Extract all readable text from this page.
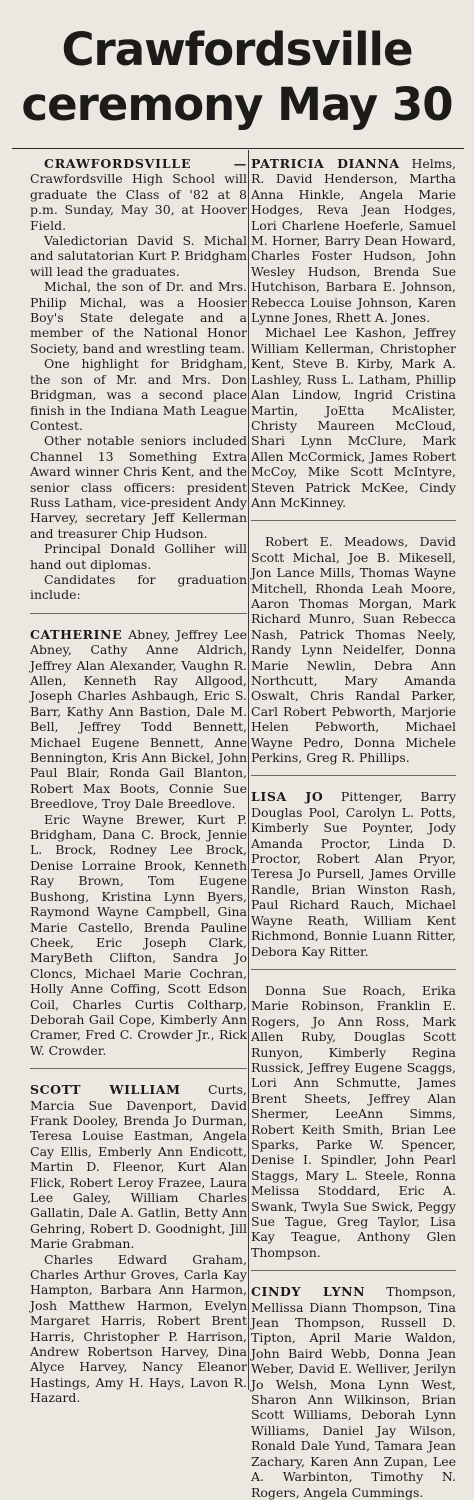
Crawfordsville
ceremony May 30

CRAWFORDSVILLE — Crawfordsville High School will graduate the Class of '82 at 8 p.m. Sunday, May 30, at Hoover Field.

Valedictorian David S. Michal and salutatorian Kurt P. Bridgham will lead the graduates.

Michal, the son of Dr. and Mrs. Philip Michal, was a Hoosier Boy's State delegate and a member of the National Honor Society, band and wrestling team.

One highlight for Bridgham, the son of Mr. and Mrs. Don Bridgman, was a second place finish in the Indiana Math League Contest.

Other notable seniors included Channel 13 Something Extra Award winner Chris Kent, and the senior class officers: president Russ Latham, vice-president Andy Harvey, secretary Jeff Kellerman and treasurer Chip Hudson.

Principal Donald Golliher will hand out diplomas.

Candidates for graduation include:

CATHERINE Abney, Jeffrey Lee Abney, Cathy Anne Aldrich, Jeffrey Alan Alexander, Vaughn R. Allen, Kenneth Ray Allgood, Joseph Charles Ashbaugh, Eric S. Barr, Kathy Ann Bastion, Dale M. Bell, Jeffrey Todd Bennett, Michael Eugene Bennett, Anne Bennington, Kris Ann Bickel, John Paul Blair, Ronda Gail Blanton, Robert Max Boots, Connie Sue Breedlove, Troy Dale Breedlove.

Eric Wayne Brewer, Kurt P. Bridgham, Dana C. Brock, Jennie L. Brock, Rodney Lee Brock, Denise Lorraine Brook, Kenneth Ray Brown, Tom Eugene Bushong, Kristina Lynn Byers, Raymond Wayne Campbell, Gina Marie Castello, Brenda Pauline Cheek, Eric Joseph Clark, MaryBeth Clifton, Sandra Jo Cloncs, Michael Marie Cochran, Holly Anne Coffing, Scott Edson Coil, Charles Curtis Coltharp, Deborah Gail Cope, Kimberly Ann Cramer, Fred C. Crowder Jr., Rick W. Crowder.

SCOTT WILLIAM Curts, Marcia Sue Davenport, David Frank Dooley, Brenda Jo Durman, Teresa Louise Eastman, Angela Cay Ellis, Emberly Ann Endicott, Martin D. Fleenor, Kurt Alan Flick, Robert Leroy Frazee, Laura Lee Galey, William Charles Gallatin, Dale A. Gatlin, Betty Ann Gehring, Robert D. Goodnight, Jill Marie Grabman.

Charles Edward Graham, Charles Arthur Groves, Carla Kay Hampton, Barbara Ann Harmon, Josh Matthew Harmon, Evelyn Margaret Harris, Robert Brent Harris, Christopher P. Harrison, Andrew Robertson Harvey, Dina Alyce Harvey, Nancy Eleanor Hastings, Amy H. Hays, Lavon R. Hazard.

PATRICIA DIANNA Helms, R. David Henderson, Martha Anna Hinkle, Angela Marie Hodges, Reva Jean Hodges, Lori Charlene Hoeferle, Samuel M. Horner, Barry Dean Howard, Charles Foster Hudson, John Wesley Hudson, Brenda Sue Hutchison, Barbara E. Johnson, Rebecca Louise Johnson, Karen Lynne Jones, Rhett A. Jones.

Michael Lee Kashon, Jeffrey William Kellerman, Christopher Kent, Steve B. Kirby, Mark A. Lashley, Russ L. Latham, Phillip Alan Lindow, Ingrid Cristina Martin, JoEtta McAlister, Christy Maureen McCloud, Shari Lynn McClure, Mark Allen McCormick, James Robert McCoy, Mike Scott McIntyre, Steven Patrick McKee, Cindy Ann McKinney.

Robert E. Meadows, David Scott Michal, Joe B. Mikesell, Jon Lance Mills, Thomas Wayne Mitchell, Rhonda Leah Moore, Aaron Thomas Morgan, Mark Richard Munro, Suan Rebecca Nash, Patrick Thomas Neely, Randy Lynn Neidelfer, Donna Marie Newlin, Debra Ann Northcutt, Mary Amanda Oswalt, Chris Randal Parker, Carl Robert Pebworth, Marjorie Helen Pebworth, Michael Wayne Pedro, Donna Michele Perkins, Greg R. Phillips.

LISA JO Pittenger, Barry Douglas Pool, Carolyn L. Potts, Kimberly Sue Poynter, Jody Amanda Proctor, Linda D. Proctor, Robert Alan Pryor, Teresa Jo Pursell, James Orville Randle, Brian Winston Rash, Paul Richard Rauch, Michael Wayne Reath, William Kent Richmond, Bonnie Luann Ritter, Debora Kay Ritter.

Donna Sue Roach, Erika Marie Robinson, Franklin E. Rogers, Jo Ann Ross, Mark Allen Ruby, Douglas Scott Runyon, Kimberly Regina Russick, Jeffrey Eugene Scaggs, Lori Ann Schmutte, James Brent Sheets, Jeffrey Alan Shermer, LeeAnn Simms, Robert Keith Smith, Brian Lee Sparks, Parke W. Spencer, Denise I. Spindler, John Pearl Staggs, Mary L. Steele, Ronna Melissa Stoddard, Eric A. Swank, Twyla Sue Swick, Peggy Sue Tague, Greg Taylor, Lisa Kay Teague, Anthony Glen Thompson.

CINDY LYNN Thompson, Mellissa Diann Thompson, Tina Jean Thompson, Russell D. Tipton, April Marie Waldon, John Baird Webb, Donna Jean Weber, David E. Welliver, Jerilyn Jo Welsh, Mona Lynn West, Sharon Ann Wilkinson, Brian Scott Williams, Deborah Lynn Williams, Daniel Jay Wilson, Ronald Dale Yund, Tamara Jean Zachary, Karen Ann Zupan, Lee A. Warbinton, Timothy N. Rogers, Angela Cummings.
